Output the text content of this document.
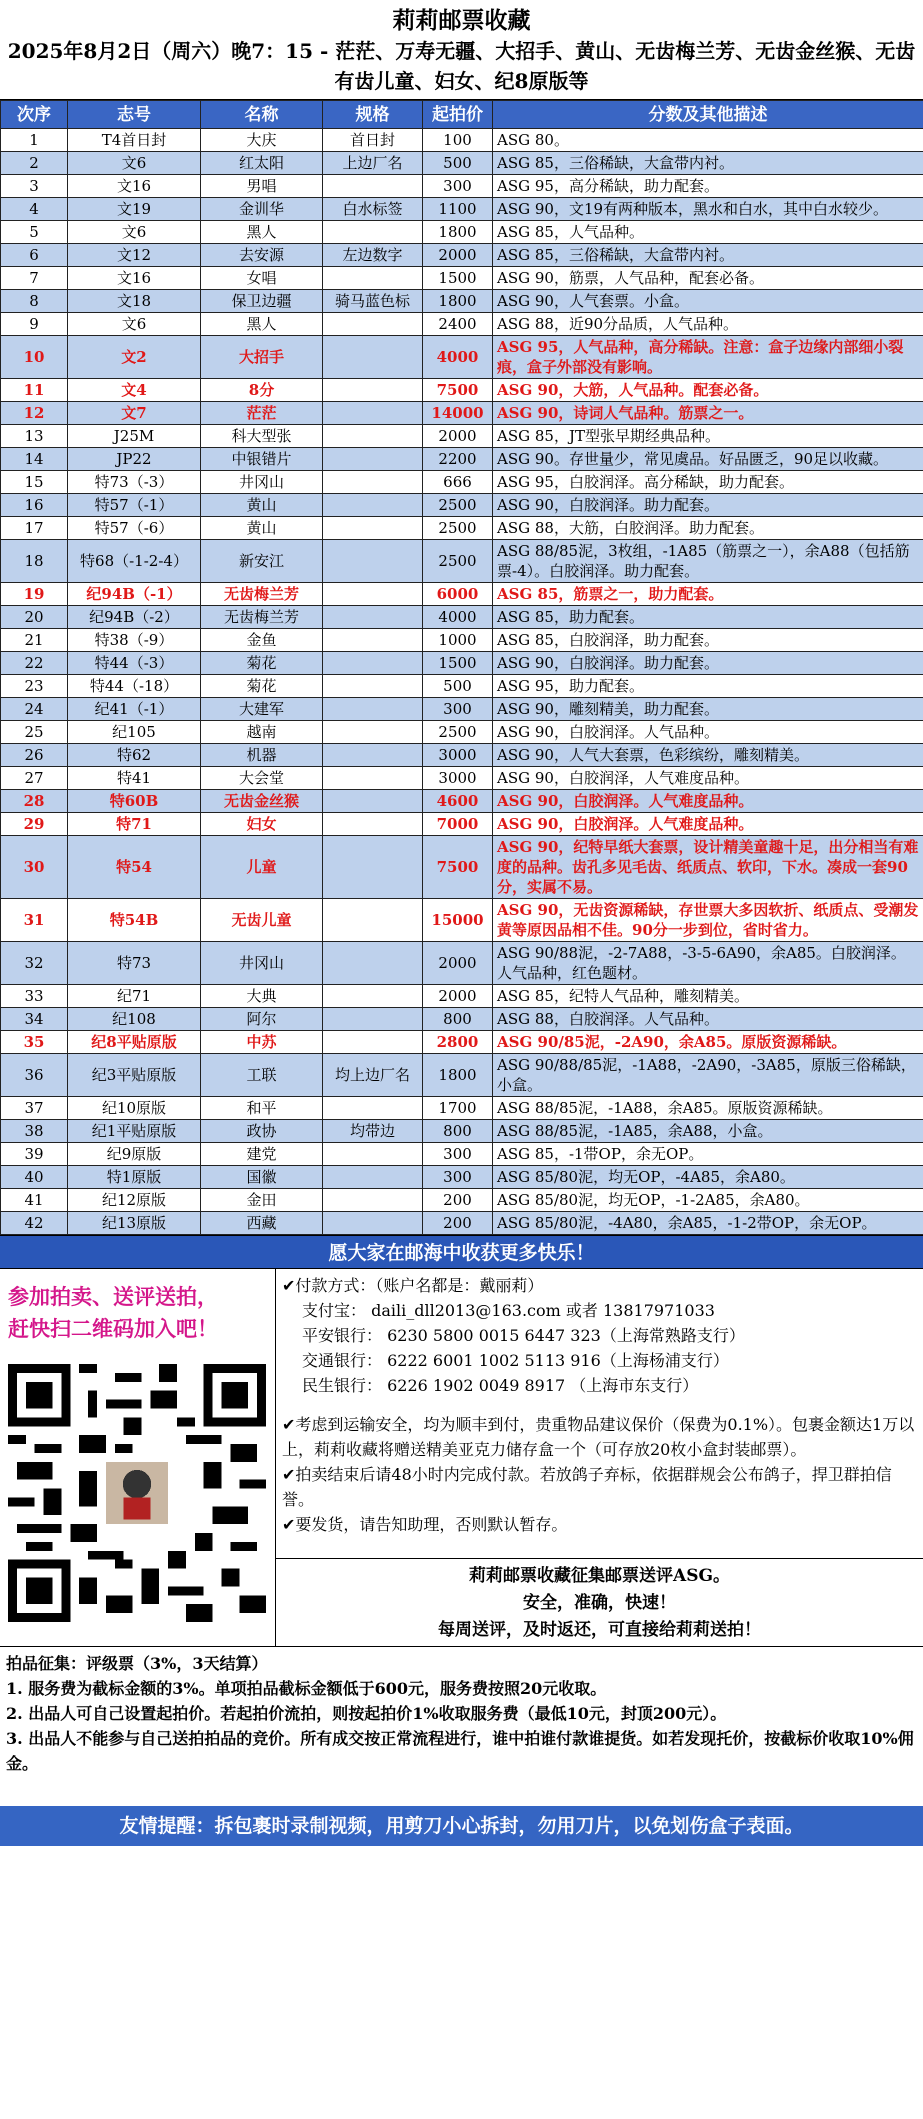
莉莉邮票收藏
2025年8月2日（周六）晚7：15 - 茫茫、万寿无疆、大招手、黄山、无齿梅兰芳、无齿金丝猴、无齿有齿儿童、妇女、纪8原版等
次序	志号	名称	规格	起拍价	分数及其他描述
1	T4首日封	大庆	首日封	100	ASG 80。
2	文6	红太阳	上边厂名	500	ASG 85，三俗稀缺，大盒带内衬。
3	文16	男唱		300	ASG 95，高分稀缺，助力配套。
4	文19	金训华	白水标签	1100	ASG 90，文19有两种版本，黑水和白水，其中白水较少。
5	文6	黑人		1800	ASG 85，人气品种。
6	文12	去安源	左边数字	2000	ASG 85，三俗稀缺，大盒带内衬。
7	文16	女唱		1500	ASG 90，筋票，人气品种，配套必备。
8	文18	保卫边疆	骑马蓝色标	1800	ASG 90，人气套票。小盒。
9	文6	黑人		2400	ASG 88，近90分品质，人气品种。
10	文2	大招手		4000	ASG 95，人气品种，高分稀缺。注意：盒子边缘内部细小裂痕，盒子外部没有影响。
11	文4	8分		7500	ASG 90，大筋，人气品种。配套必备。
12	文7	茫茫		14000	ASG 90，诗词人气品种。筋票之一。
13	J25M	科大型张		2000	ASG 85，JT型张早期经典品种。
14	JP22	中银错片		2200	ASG 90。存世量少，常见虞品。好品匮乏，90足以收藏。
15	特73（-3）	井冈山		666	ASG 95，白胶润泽。高分稀缺，助力配套。
16	特57（-1）	黄山		2500	ASG 90，白胶润泽。助力配套。
17	特57（-6）	黄山		2500	ASG 88，大筋，白胶润泽。助力配套。
18	特68（-1-2-4）	新安江		2500	ASG 88/85泥，3枚组，-1A85（筋票之一），余A88（包括筋票-4）。白胶润泽。助力配套。
19	纪94B（-1）	无齿梅兰芳		6000	ASG 85，筋票之一，助力配套。
20	纪94B（-2）	无齿梅兰芳		4000	ASG 85，助力配套。
21	特38（-9）	金鱼		1000	ASG 85，白胶润泽，助力配套。
22	特44（-3）	菊花		1500	ASG 90，白胶润泽。助力配套。
23	特44（-18）	菊花		500	ASG 95，助力配套。
24	纪41（-1）	大建军		300	ASG 90，雕刻精美，助力配套。
25	纪105	越南		2500	ASG 90，白胶润泽。人气品种。
26	特62	机器		3000	ASG 90，人气大套票，色彩缤纷，雕刻精美。
27	特41	大会堂		3000	ASG 90，白胶润泽，人气难度品种。
28	特60B	无齿金丝猴		4600	ASG 90，白胶润泽。人气难度品种。
29	特71	妇女		7000	ASG 90，白胶润泽。人气难度品种。
30	特54	儿童		7500	ASG 90，纪特早纸大套票，设计精美童趣十足，出分相当有难度的品种。齿孔多见毛齿、纸质点、软印，下水。凑成一套90分，实属不易。
31	特54B	无齿儿童		15000	ASG 90，无齿资源稀缺，存世票大多因软折、纸质点、受潮发黄等原因品相不佳。90分一步到位，省时省力。
32	特73	井冈山		2000	ASG 90/88泥，-2-7A88，-3-5-6A90，余A85。白胶润泽。人气品种，红色题材。
33	纪71	大典		2000	ASG 85，纪特人气品种，雕刻精美。
34	纪108	阿尔		800	ASG 88，白胶润泽。人气品种。
35	纪8平贴原版	中苏		2800	ASG 90/85泥，-2A90，余A85。原版资源稀缺。
36	纪3平贴原版	工联	均上边厂名	1800	ASG 90/88/85泥，-1A88，-2A90，-3A85，原版三俗稀缺，小盒。
37	纪10原版	和平		1700	ASG 88/85泥，-1A88，余A85。原版资源稀缺。
38	纪1平贴原版	政协	均带边	800	ASG 88/85泥，-1A85，余A88，小盒。
39	纪9原版	建党		300	ASG 85，-1带OP，余无OP。
40	特1原版	国徽		300	ASG 85/80泥，均无OP，-4A85，余A80。
41	纪12原版	金田		200	ASG 85/80泥，均无OP，-1-2A85，余A80。
42	纪13原版	西藏		200	ASG 85/80泥，-4A80，余A85，-1-2带OP，余无OP。
愿大家在邮海中收获更多快乐！
参加拍卖、送评送拍，
赶快扫二维码加入吧！
✔付款方式：（账户名都是：戴丽莉）
支付宝： daili_dll2013@163.com 或者 13817971033
平安银行： 6230 5800 0015 6447 323（上海常熟路支行）
交通银行： 6222 6001 1002 5113 916（上海杨浦支行）
民生银行： 6226 1902 0049 8917 （上海市东支行）
✔考虑到运输安全，均为顺丰到付，贵重物品建议保价（保费为0.1%）。包裹金额达1万以上，莉莉收藏将赠送精美亚克力储存盒一个（可存放20枚小盒封装邮票）。
✔拍卖结束后请48小时内完成付款。若放鸽子弃标，依据群规会公布鸽子，捍卫群拍信誉。
✔要发货，请告知助理，否则默认暂存。
莉莉邮票收藏征集邮票送评ASG。
安全，准确，快速！
每周送评，及时返还，可直接给莉莉送拍！
拍品征集：评级票（3%，3天结算）
1. 服务费为截标金额的3%。单项拍品截标金额低于600元，服务费按照20元收取。
2. 出品人可自己设置起拍价。若起拍价流拍，则按起拍价1%收取服务费（最低10元，封顶200元）。
3. 出品人不能参与自己送拍拍品的竞价。所有成交按正常流程进行，谁中拍谁付款谁提货。如若发现托价，按截标价收取10%佣金。
友情提醒：拆包裹时录制视频，用剪刀小心拆封，勿用刀片，以免划伤盒子表面。
